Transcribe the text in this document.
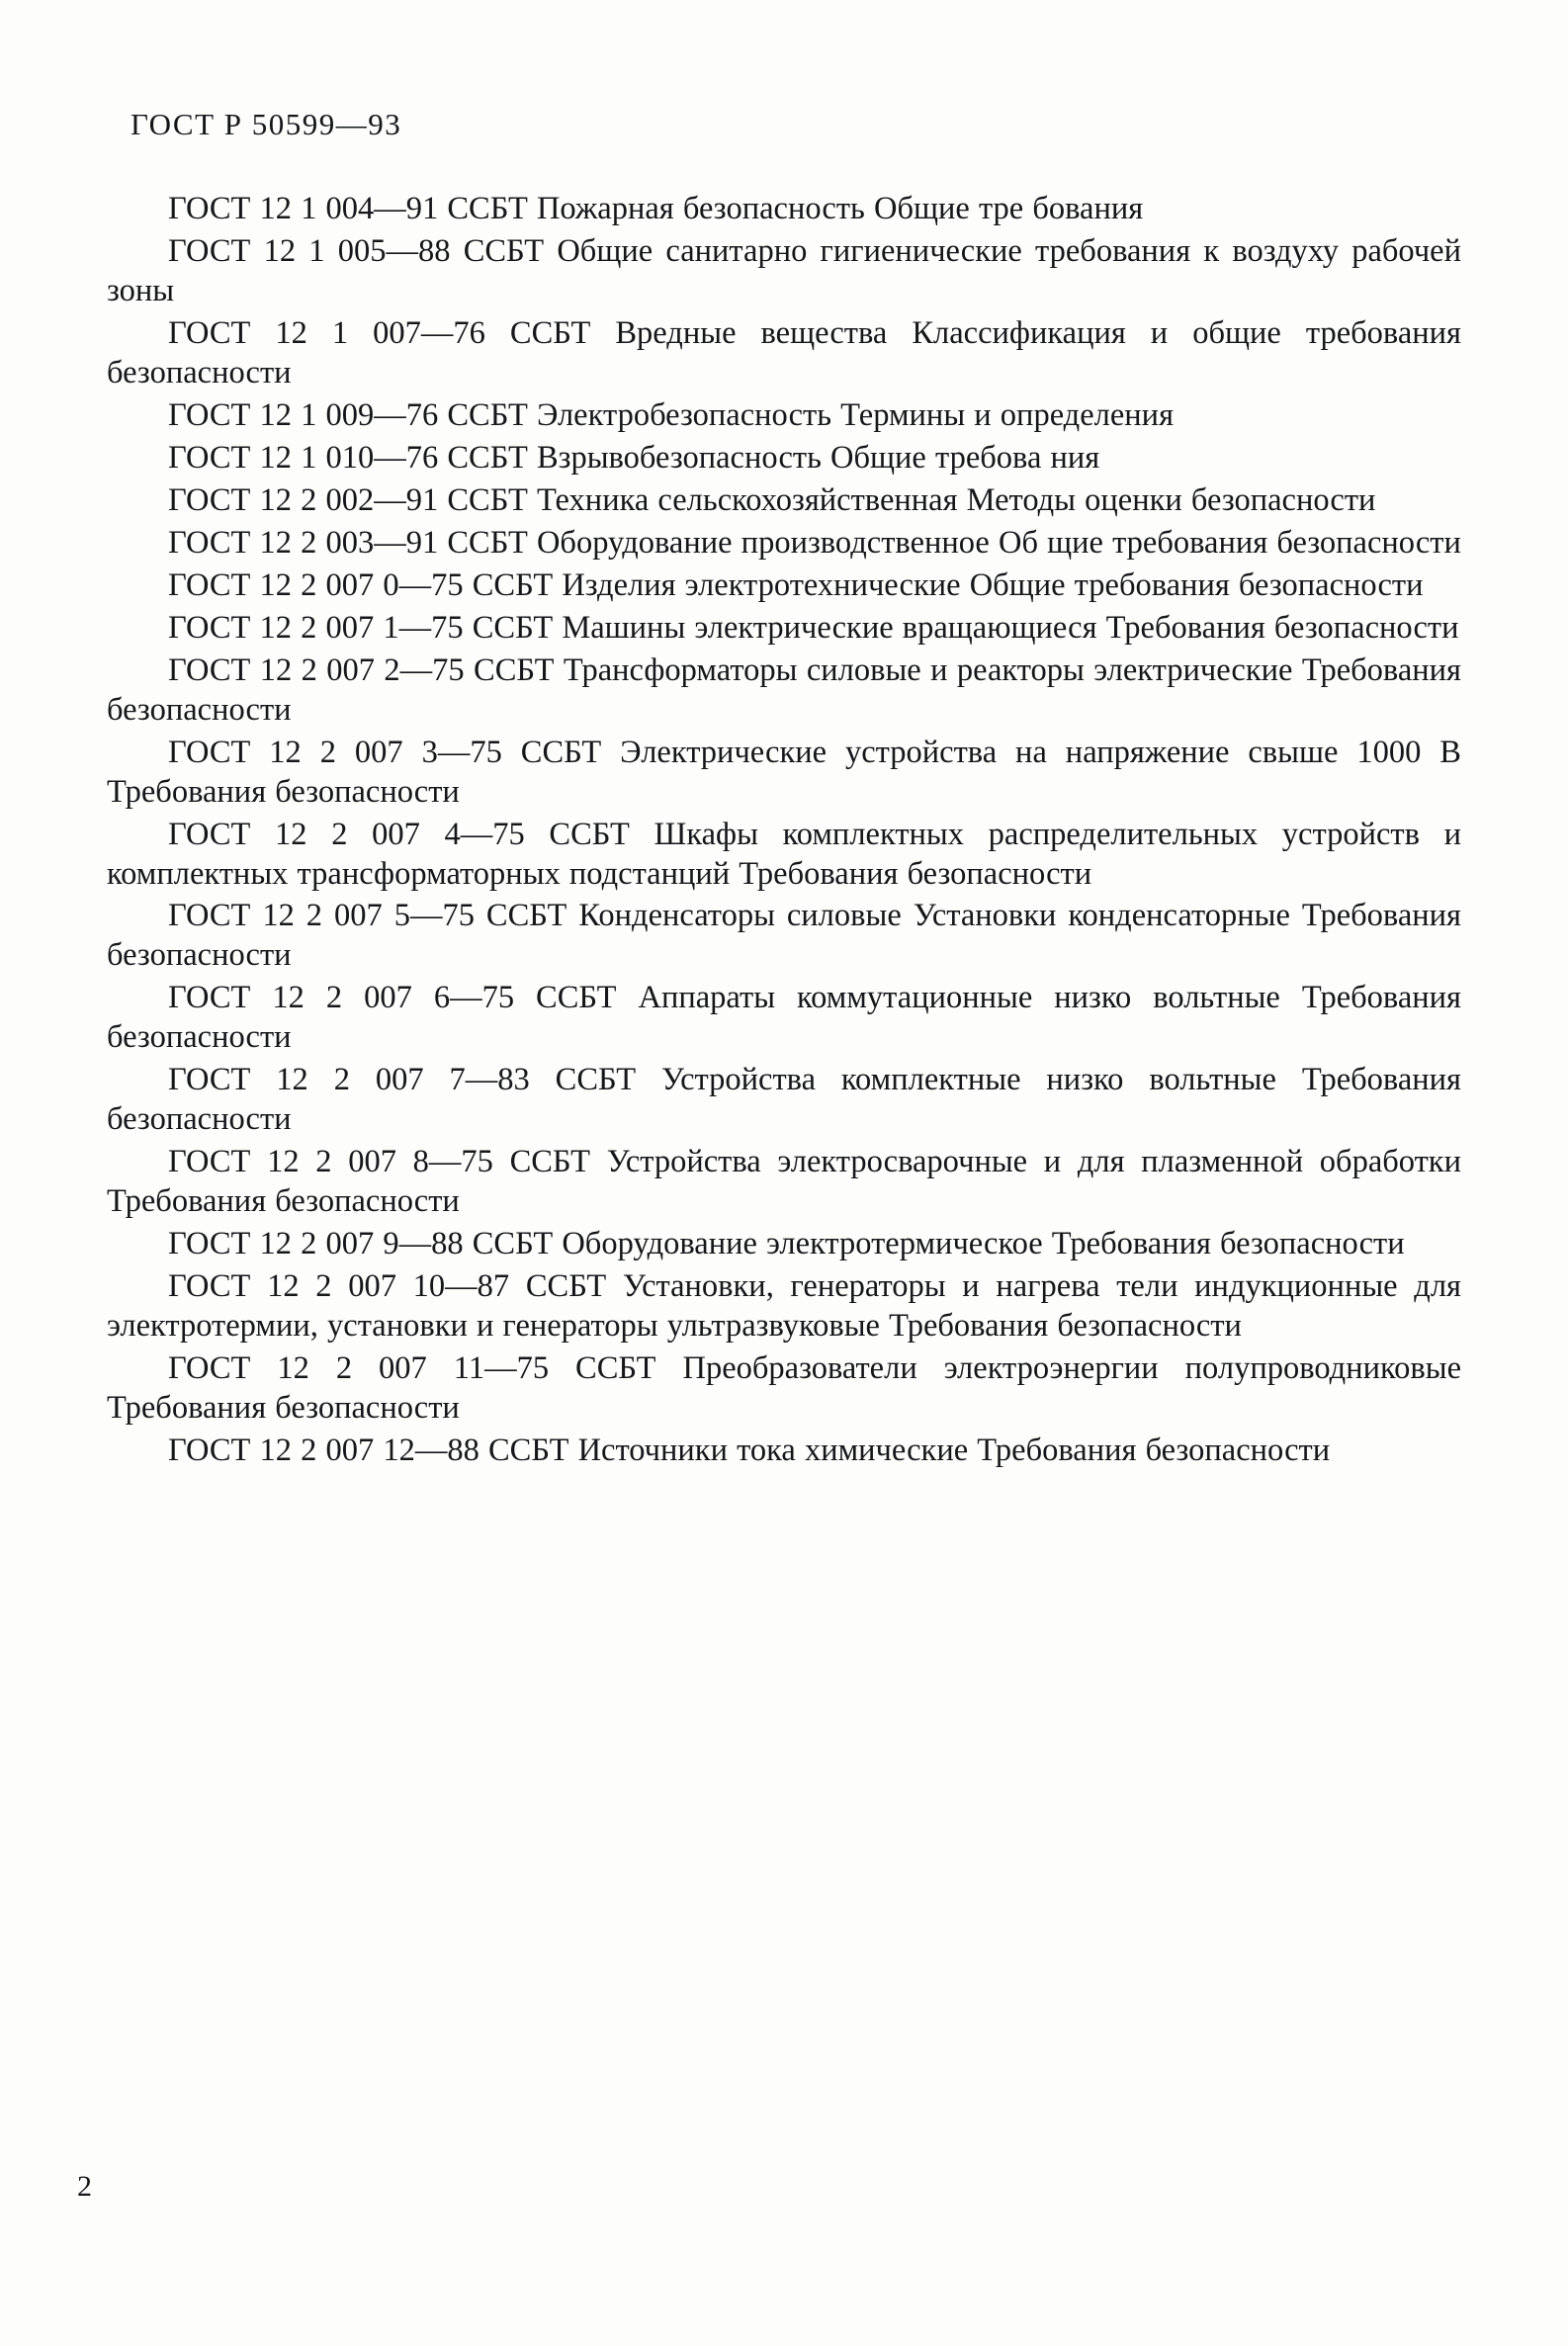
ГОСТ Р 50599—93

ГОСТ 12 1 004—91 ССБТ Пожарная безопасность Общие тре бования

ГОСТ 12 1 005—88 ССБТ Общие санитарно гигиенические требования к воздуху рабочей зоны

ГОСТ 12 1 007—76 ССБТ Вредные вещества Классификация и общие требования безопасности

ГОСТ 12 1 009—76 ССБТ Электробезопасность Термины и определения

ГОСТ 12 1 010—76 ССБТ Взрывобезопасность Общие требова ния

ГОСТ 12 2 002—91 ССБТ Техника сельскохозяйственная Методы оценки безопасности

ГОСТ 12 2 003—91 ССБТ Оборудование производственное Об щие требования безопасности

ГОСТ 12 2 007 0—75 ССБТ Изделия электротехнические Общие требования безопасности

ГОСТ 12 2 007 1—75 ССБТ Машины электрические вращающиеся Требования безопасности

ГОСТ 12 2 007 2—75 ССБТ Трансформаторы силовые и реакторы электрические Требования безопасности

ГОСТ 12 2 007 3—75 ССБТ Электрические устройства на напряжение свыше 1000 В Требования безопасности

ГОСТ 12 2 007 4—75 ССБТ Шкафы комплектных распределительных устройств и комплектных трансформаторных подстанций Требования безопасности

ГОСТ 12 2 007 5—75 ССБТ Конденсаторы силовые Установки конденсаторные Требования безопасности

ГОСТ 12 2 007 6—75 ССБТ Аппараты коммутационные низко вольтные Требования безопасности

ГОСТ 12 2 007 7—83 ССБТ Устройства комплектные низко вольтные Требования безопасности

ГОСТ 12 2 007 8—75 ССБТ Устройства электросварочные и для плазменной обработки Требования безопасности

ГОСТ 12 2 007 9—88 ССБТ Оборудование электротермическое Требования безопасности

ГОСТ 12 2 007 10—87 ССБТ Установки, генераторы и нагрева тели индукционные для электротермии, установки и генераторы ультразвуковые Требования безопасности

ГОСТ 12 2 007 11—75 ССБТ Преобразователи электроэнергии полупроводниковые Требования безопасности

ГОСТ 12 2 007 12—88 ССБТ Источники тока химические Требования безопасности

2
